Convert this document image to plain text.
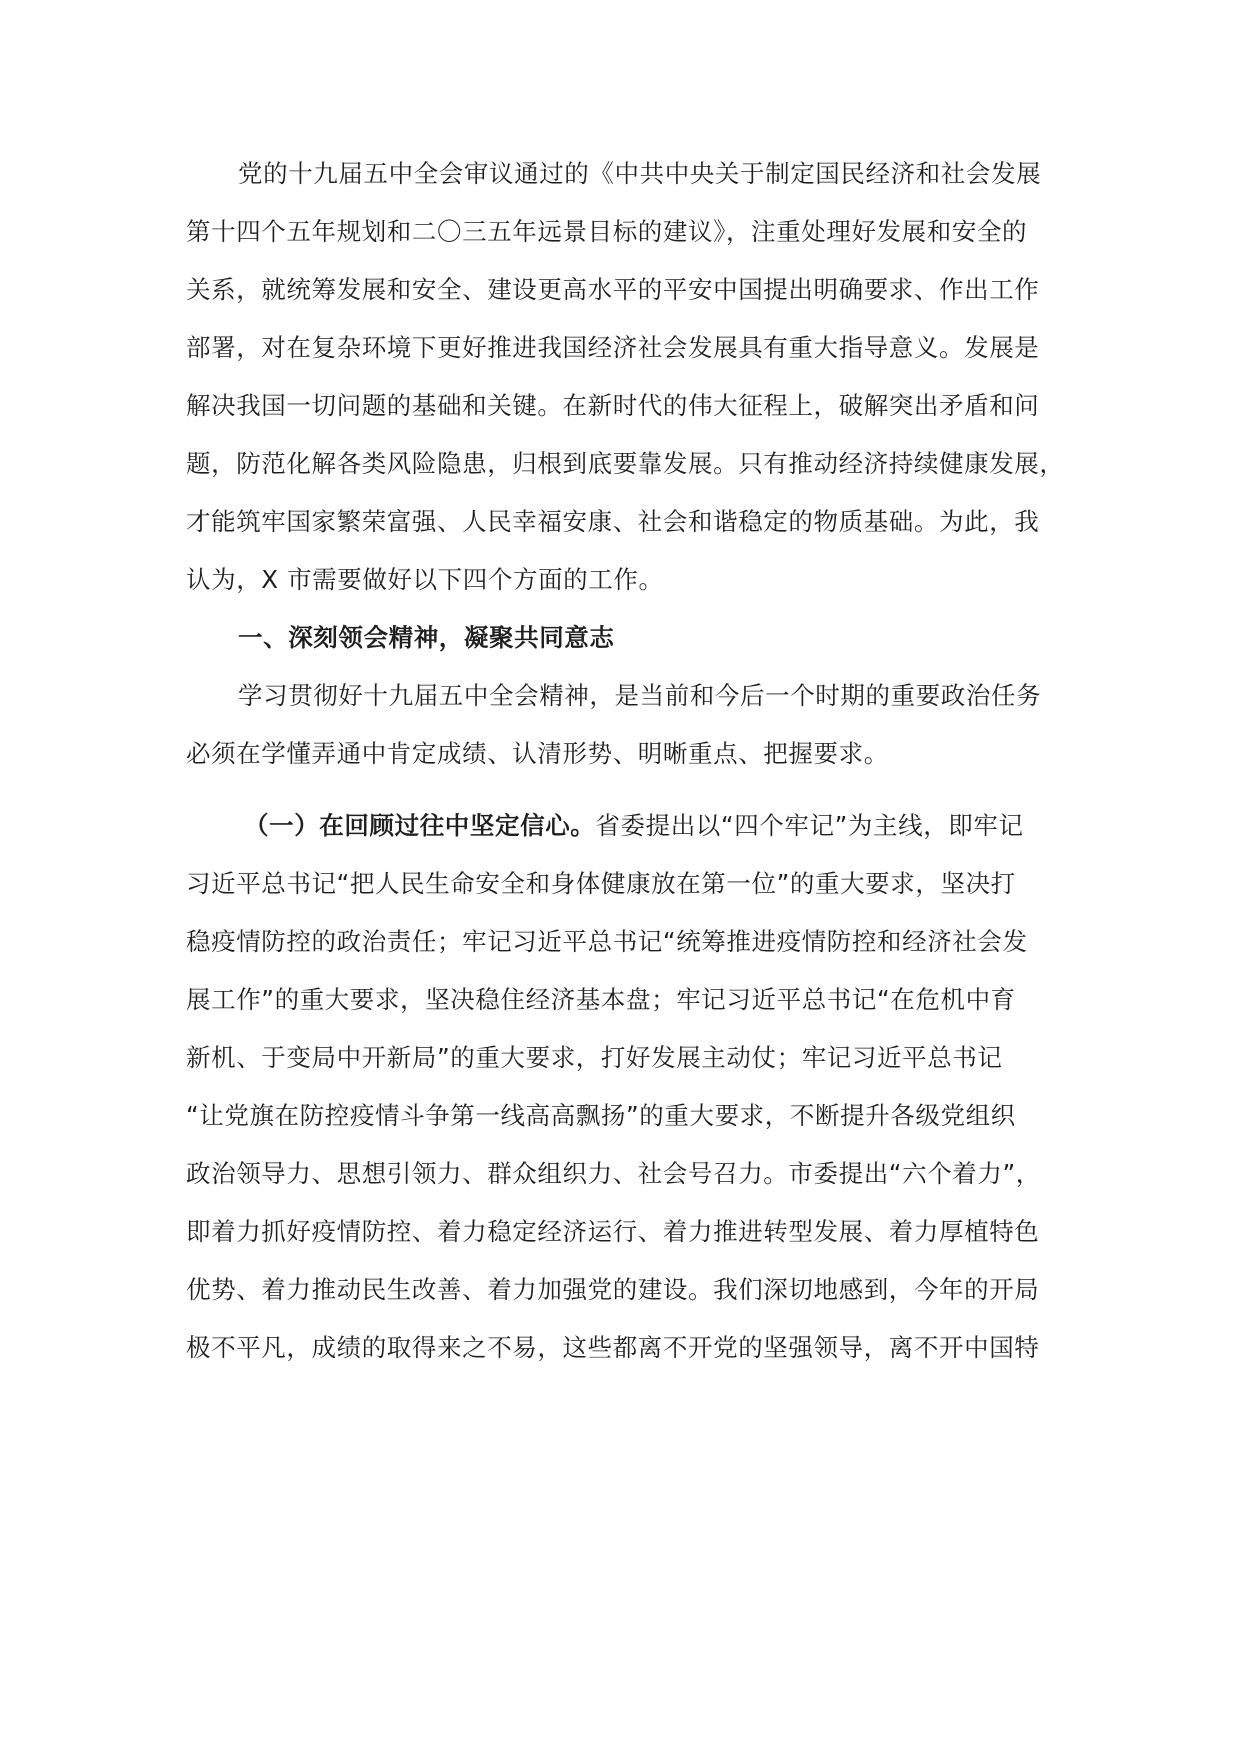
党的十九届五中全会审议通过的《中共中央关于制定国民经济和社会发展
第十四个五年规划和二〇三五年远景目标的建议》，注重处理好发展和安全的
关系，就统筹发展和安全、建设更高水平的平安中国提出明确要求、作出工作
部署，对在复杂环境下更好推进我国经济社会发展具有重大指导意义。发展是
解决我国一切问题的基础和关键。在新时代的伟大征程上，破解突出矛盾和问
题，防范化解各类风险隐患，归根到底要靠发展。只有推动经济持续健康发展，
才能筑牢国家繁荣富强、人民幸福安康、社会和谐稳定的物质基础。为此，我
认为，X 市需要做好以下四个方面的工作。
一、深刻领会精神，凝聚共同意志
学习贯彻好十九届五中全会精神，是当前和今后一个时期的重要政治任务
必须在学懂弄通中肯定成绩、认清形势、明晰重点、把握要求。
（一）在回顾过往中坚定信心。省委提出以“四个牢记”为主线，即牢记
习近平总书记“把人民生命安全和身体健康放在第一位”的重大要求，坚决打
稳疫情防控的政治责任；牢记习近平总书记“统筹推进疫情防控和经济社会发
展工作”的重大要求，坚决稳住经济基本盘；牢记习近平总书记“在危机中育
新机、于变局中开新局”的重大要求，打好发展主动仗；牢记习近平总书记
“让党旗在防控疫情斗争第一线高高飘扬”的重大要求，不断提升各级党组织
政治领导力、思想引领力、群众组织力、社会号召力。市委提出“六个着力”，
即着力抓好疫情防控、着力稳定经济运行、着力推进转型发展、着力厚植特色
优势、着力推动民生改善、着力加强党的建设。我们深切地感到，今年的开局
极不平凡，成绩的取得来之不易，这些都离不开党的坚强领导，离不开中国特
